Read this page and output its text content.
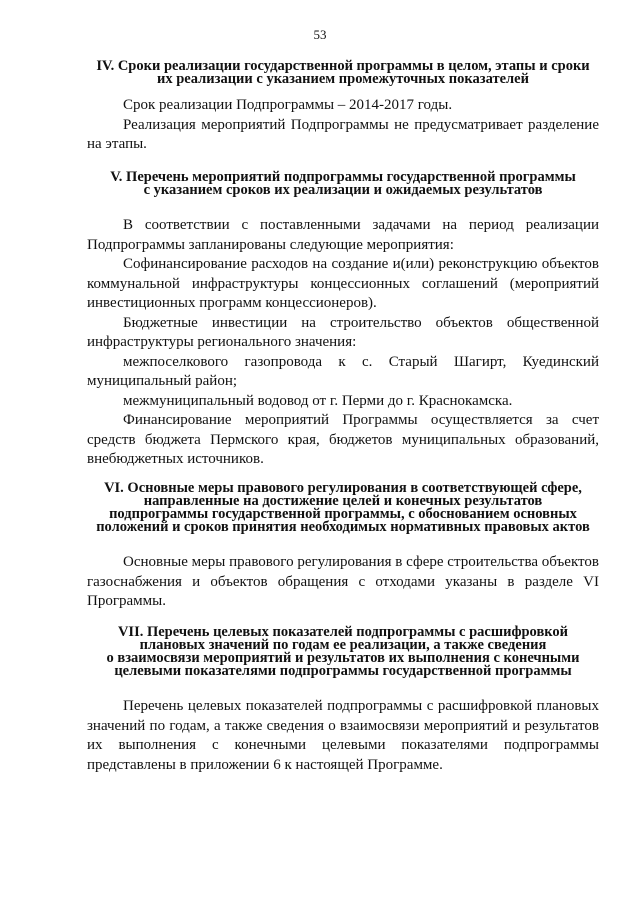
53
IV. Сроки реализации государственной программы в целом, этапы и сроки
их реализации с указанием промежуточных показателей

Срок реализации Подпрограммы – 2014-2017 годы.

Реализация мероприятий Подпрограммы не предусматривает разделение на этапы.

V. Перечень мероприятий подпрограммы государственной программы
с указанием сроков их реализации и ожидаемых результатов

В соответствии с поставленными задачами на период реализации Подпрограммы запланированы следующие мероприятия:

Софинансирование расходов на создание и(или) реконструкцию объектов коммунальной инфраструктуры концессионных соглашений (мероприятий инвестиционных программ концессионеров).

Бюджетные инвестиции на строительство объектов общественной инфраструктуры регионального значения:

межпоселкового газопровода к с. Старый Шагирт, Куединский муниципальный район;

межмуниципальный водовод от г. Перми до г. Краснокамска.

Финансирование мероприятий Программы осуществляется за счет средств бюджета Пермского края, бюджетов муниципальных образований, внебюджетных источников.

VI. Основные меры правового регулирования в соответствующей сфере,
направленные на достижение целей и конечных результатов
подпрограммы государственной программы, с обоснованием основных
положений и сроков принятия необходимых нормативных правовых актов

Основные меры правового регулирования в сфере строительства объектов газоснабжения и объектов обращения с отходами указаны в разделе VI Программы.

VII. Перечень целевых показателей подпрограммы с расшифровкой
плановых значений по годам ее реализации, а также сведения
о взаимосвязи мероприятий и результатов их выполнения с конечными
целевыми показателями подпрограммы государственной программы

Перечень целевых показателей подпрограммы с расшифровкой плановых значений по годам, а также сведения о взаимосвязи мероприятий и результатов их выполнения с конечными целевыми показателями подпрограммы представлены в приложении 6 к настоящей Программе.
